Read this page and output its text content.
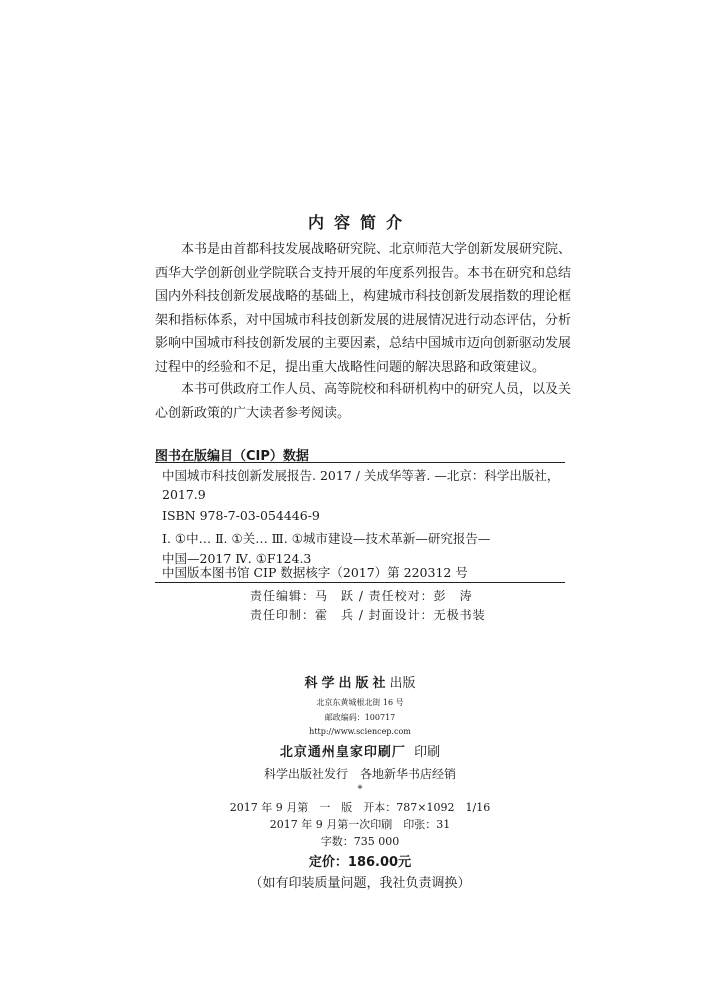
内容简介

本书是由首都科技发展战略研究院、北京师范大学创新发展研究院、

西华大学创新创业学院联合支持开展的年度系列报告。本书在研究和总结

国内外科技创新发展战略的基础上，构建城市科技创新发展指数的理论框

架和指标体系，对中国城市科技创新发展的进展情况进行动态评估，分析

影响中国城市科技创新发展的主要因素，总结中国城市迈向创新驱动发展

过程中的经验和不足，提出重大战略性问题的解决思路和政策建议。

本书可供政府工作人员、高等院校和科研机构中的研究人员，以及关

心创新政策的广大读者参考阅读。

图书在版编目（CIP）数据
中国城市科技创新发展报告. 2017 / 关成华等著. —北京：科学出版社，
2017.9
ISBN 978-7-03-054446-9
Ⅰ. ①中… Ⅱ. ①关… Ⅲ. ①城市建设—技术革新—研究报告—
中国—2017 Ⅳ. ①F124.3
中国版本图书馆 CIP 数据核字（2017）第 220312 号
责任编辑：马　跃 / 责任校对：彭　涛
责任印制：霍　兵 / 封面设计：无极书装
科学出版社出版
北京东黄城根北街 16 号
邮政编码：100717
http://www.sciencep.com
北京通州皇家印刷厂 印刷
科学出版社发行　各地新华书店经销
*
2017 年 9 月第　一　版　开本：787×1092　1/16
2017 年 9 月第一次印刷　印张：31
字数：735 000
定价：186.00元
（如有印装质量问题，我社负责调换）
